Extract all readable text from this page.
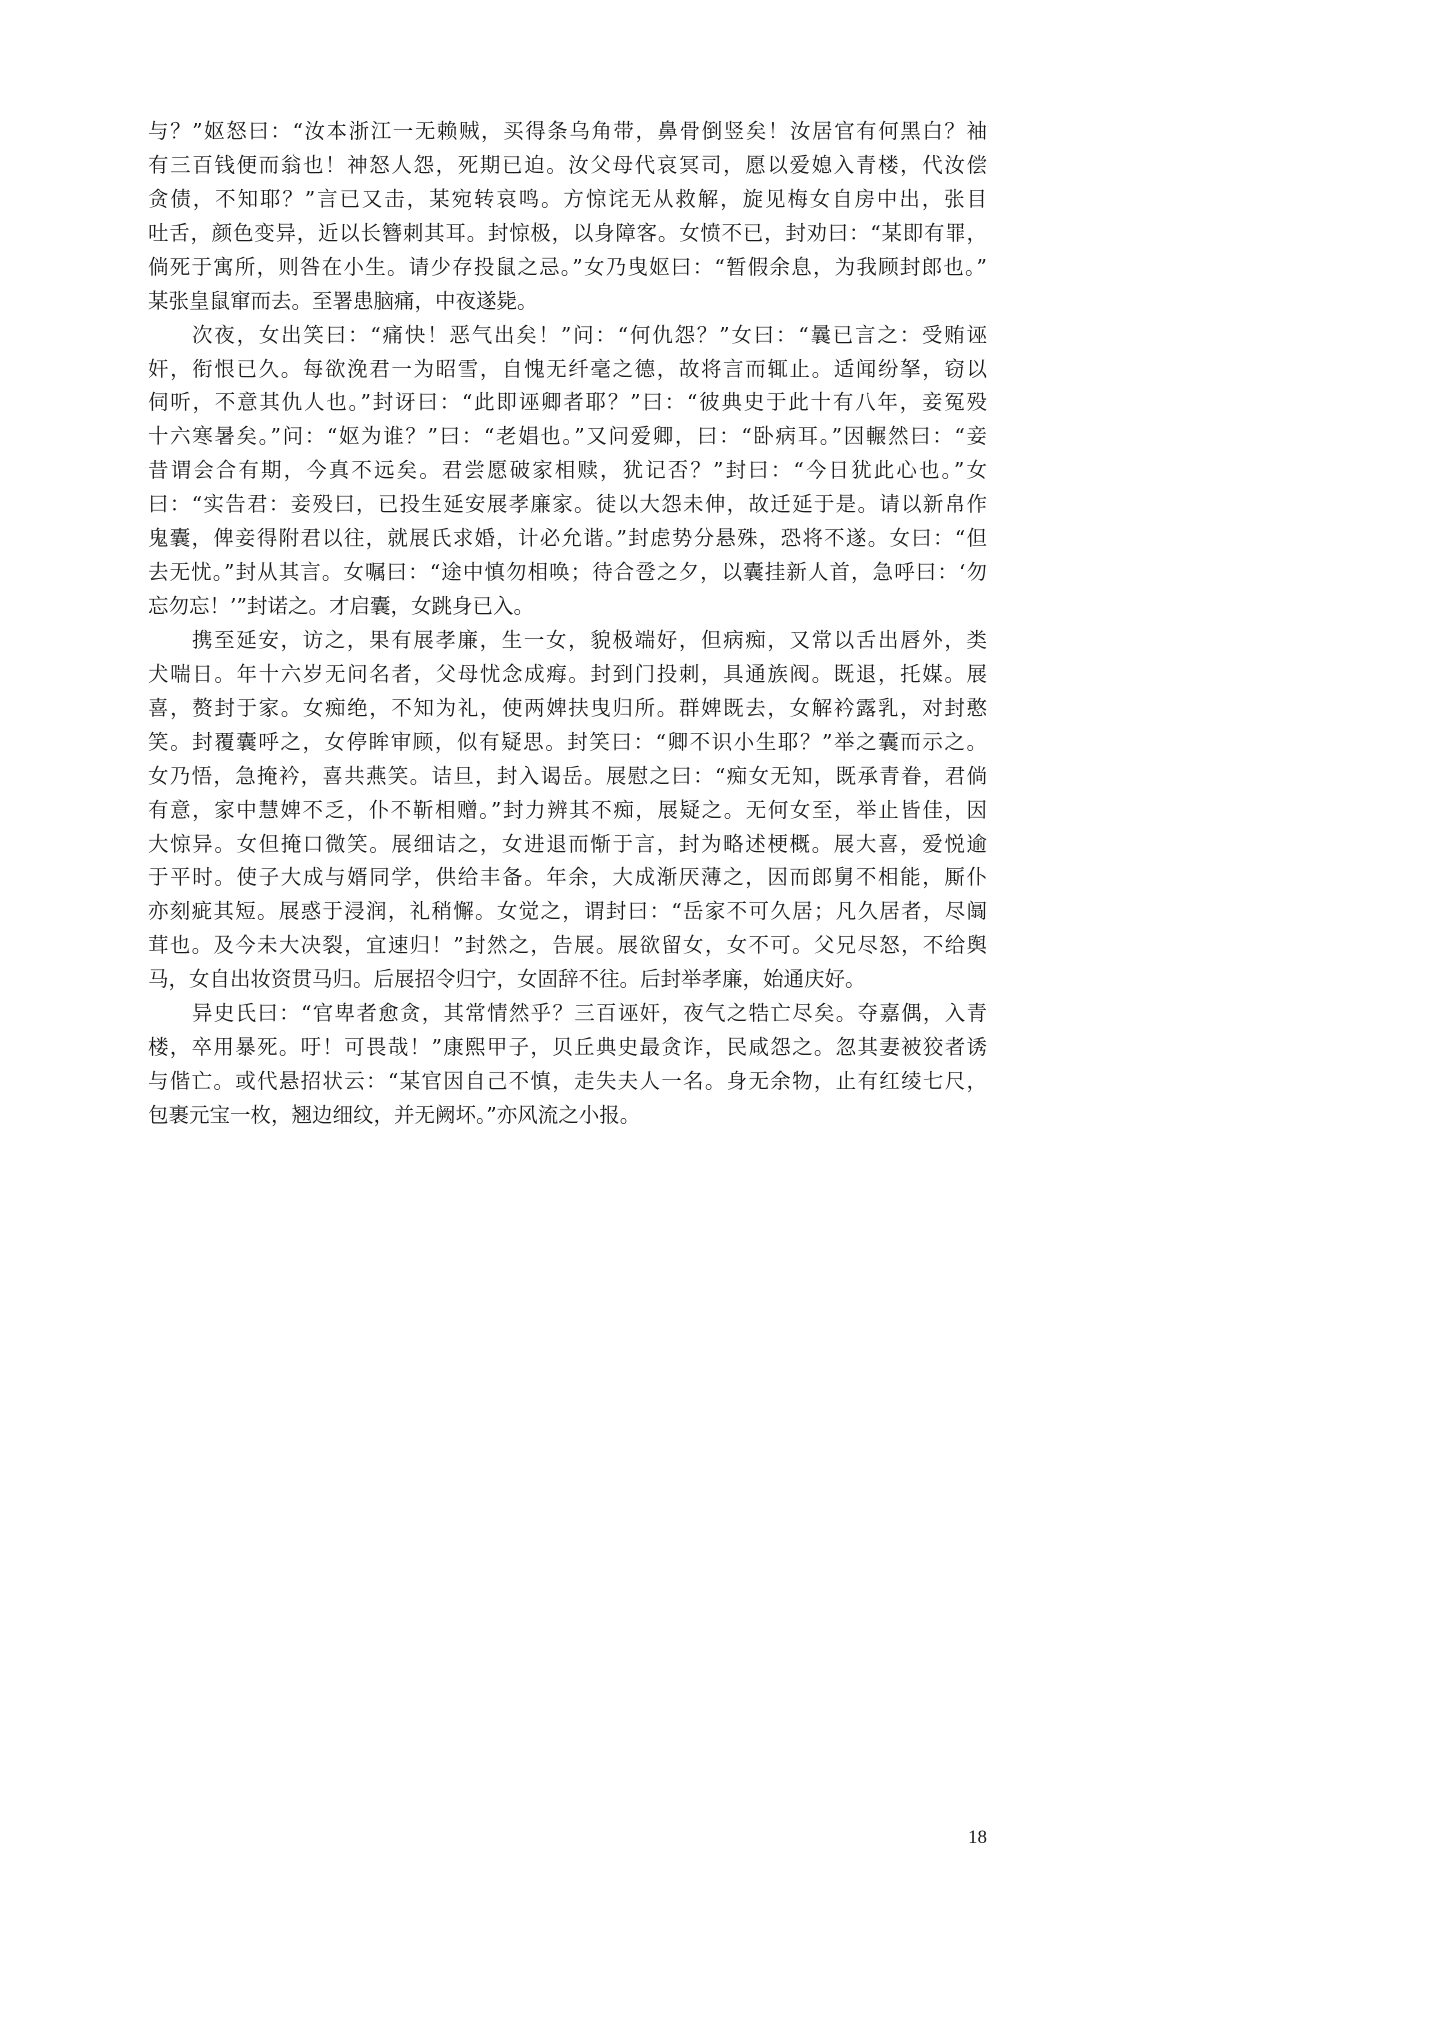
与？”妪怒曰：“汝本浙江一无赖贼，买得条乌角带，鼻骨倒竖矣！汝居官有何黑白？袖
有三百钱便而翁也！神怒人怨，死期已迫。汝父母代哀冥司，愿以爱媳入青楼，代汝偿
贪债，不知耶？”言已又击，某宛转哀鸣。方惊诧无从救解，旋见梅女自房中出，张目
吐舌，颜色变异，近以长簪刺其耳。封惊极，以身障客。女愤不已，封劝曰：“某即有罪，
倘死于寓所，则咎在小生。请少存投鼠之忌。”女乃曳妪曰：“暂假余息，为我顾封郎也。”
某张皇鼠窜而去。至署患脑痛，中夜遂毙。
次夜，女出笑曰：“痛快！恶气出矣！”问：“何仇怨？”女曰：“曩已言之：受贿诬
奸，衔恨已久。每欲浼君一为昭雪，自愧无纤毫之德，故将言而辄止。适闻纷拏，窃以
伺听，不意其仇人也。”封讶曰：“此即诬卿者耶？”曰：“彼典史于此十有八年，妾冤殁
十六寒暑矣。”问：“妪为谁？”曰：“老娼也。”又问爱卿，曰：“卧病耳。”因輾然曰：“妾
昔谓会合有期，今真不远矣。君尝愿破家相赎，犹记否？”封曰：“今日犹此心也。”女
曰：“实告君：妾殁曰，已投生延安展孝廉家。徒以大怨未伸，故迁延于是。请以新帛作
鬼囊，俾妾得附君以往，就展氏求婚，计必允谐。”封虑势分悬殊，恐将不遂。女曰：“但
去无忧。”封从其言。女嘱曰：“途中慎勿相唤；待合卺之夕，以囊挂新人首，急呼曰：‘勿
忘勿忘！’”封诺之。才启囊，女跳身已入。
携至延安，访之，果有展孝廉，生一女，貌极端好，但病痴，又常以舌出唇外，类
犬喘日。年十六岁无问名者，父母忧念成痗。封到门投刺，具通族阀。既退，托媒。展
喜，赘封于家。女痴绝，不知为礼，使两婢扶曳归所。群婢既去，女解衿露乳，对封憨
笑。封覆囊呼之，女停眸审顾，似有疑思。封笑曰：“卿不识小生耶？”举之囊而示之。
女乃悟，急掩衿，喜共燕笑。诘旦，封入谒岳。展慰之曰：“痴女无知，既承青眷，君倘
有意，家中慧婢不乏，仆不靳相赠。”封力辨其不痴，展疑之。无何女至，举止皆佳，因
大惊异。女但掩口微笑。展细诘之，女进退而惭于言，封为略述梗概。展大喜，爱悦逾
于平时。使子大成与婿同学，供给丰备。年余，大成渐厌薄之，因而郎舅不相能，厮仆
亦刻疵其短。展惑于浸润，礼稍懈。女觉之，谓封曰：“岳家不可久居；凡久居者，尽阘
茸也。及今未大决裂，宜速归！”封然之，告展。展欲留女，女不可。父兄尽怒，不给舆
马，女自出妆资贯马归。后展招令归宁，女固辞不往。后封举孝廉，始通庆好。
异史氏曰：“官卑者愈贪，其常情然乎？三百诬奸，夜气之牿亡尽矣。夺嘉偶，入青
楼，卒用暴死。吁！可畏哉！”康熙甲子，贝丘典史最贪诈，民咸怨之。忽其妻被狡者诱
与偕亡。或代悬招状云：“某官因自己不慎，走失夫人一名。身无余物，止有红绫七尺，
包裹元宝一枚，翘边细纹，并无阙坏。”亦风流之小报。
18
